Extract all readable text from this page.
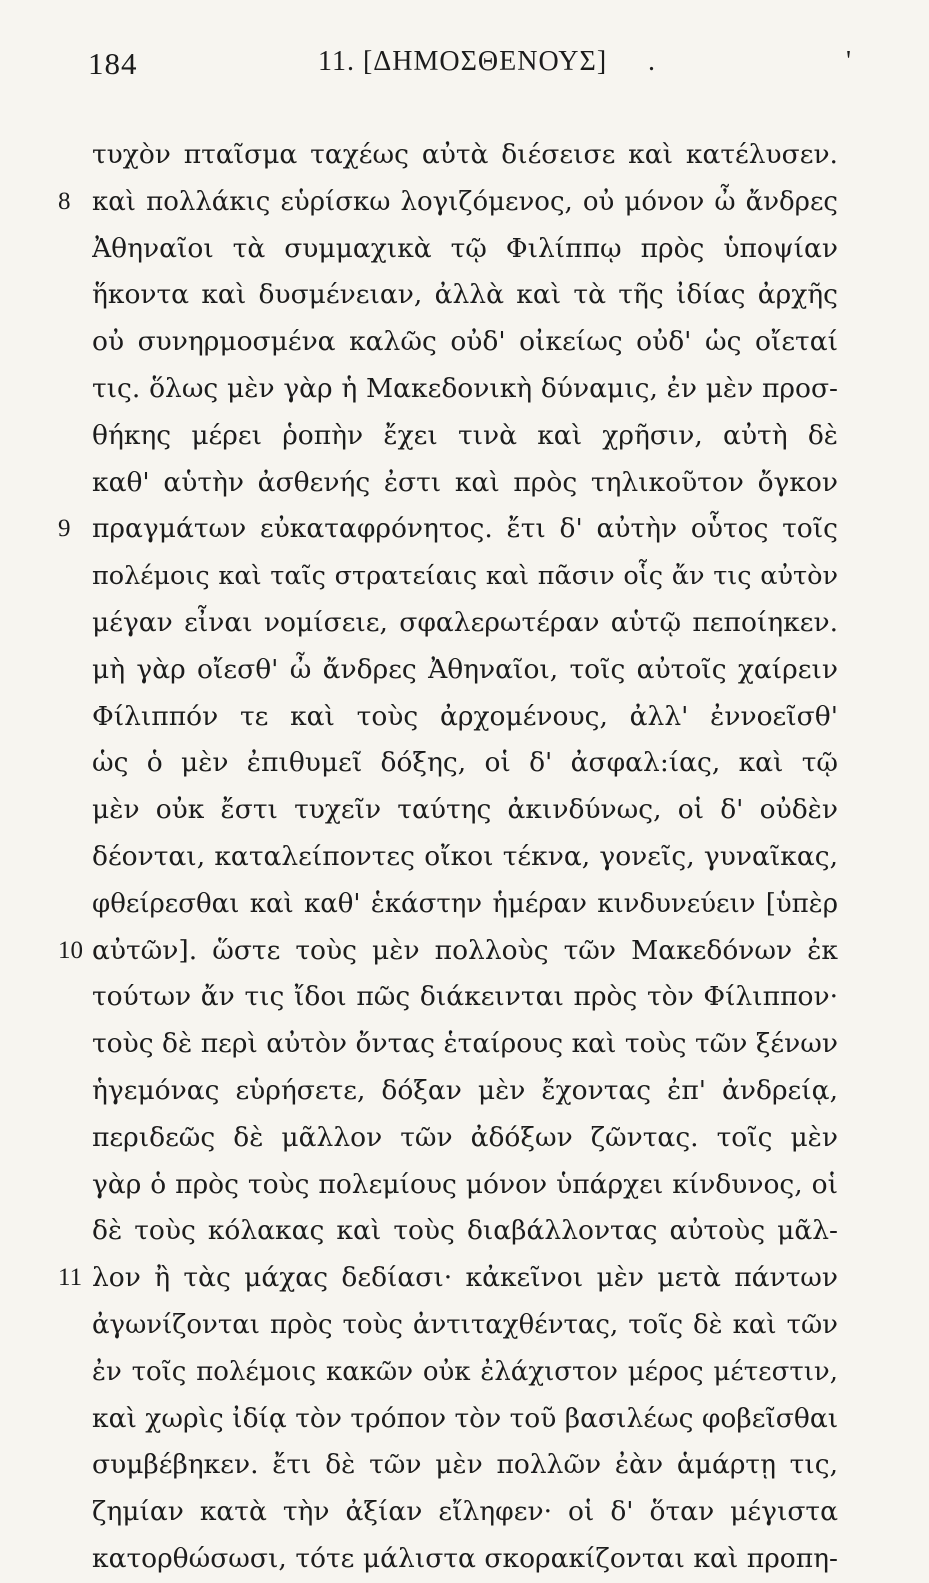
184	11. [ΔΗΜΟΣΘΕΝΟΥΣ] .	'
τυχὸν πταῖσμα ταχέως αὐτὰ διέσεισε καὶ κατέλυσεν.
8 καὶ πολλάκις εὑρίσκω λογιζόμενος, οὐ μόνον ὦ ἄνδρες
Ἀθηναῖοι τὰ συμμαχικὰ τῷ Φιλίππῳ πρὸς ὑποψίαν
ἥκοντα καὶ δυσμένειαν, ἀλλὰ καὶ τὰ τῆς ἰδίας ἀρχῆς
οὐ συνηρμοσμένα καλῶς οὐδ' οἰκείως οὐδ' ὡς οἴεταί
τις. ὅλως μὲν γὰρ ἡ Μακεδονικὴ δύναμις, ἐν μὲν προσ-
θήκης μέρει ῥοπὴν ἔχει τινὰ καὶ χρῆσιν, αὐτὴ δὲ
καθ' αὑτὴν ἀσθενής ἐστι καὶ πρὸς τηλικοῦτον ὄγκον
9 πραγμάτων εὐκαταφρόνητος. ἔτι δ' αὐτὴν οὗτος τοῖς
πολέμοις καὶ ταῖς στρατείαις καὶ πᾶσιν οἷς ἄν τις αὐτὸν
μέγαν εἶναι νομίσειε, σφαλερωτέραν αὑτῷ πεποίηκεν.
μὴ γὰρ οἴεσθ' ὦ ἄνδρες Ἀθηναῖοι, τοῖς αὐτοῖς χαίρειν
Φίλιππόν τε καὶ τοὺς ἀρχομένους, ἀλλ' ἐννοεῖσθ'
ὡς ὁ μὲν ἐπιθυμεῖ δόξης, οἱ δ' ἀσφαλ:ίας, καὶ τῷ
μὲν οὐκ ἔστι τυχεῖν ταύτης ἀκινδύνως, οἱ δ' οὐδὲν
δέονται, καταλείποντες οἴκοι τέκνα, γονεῖς, γυναῖκας,
φθείρεσθαι καὶ καθ' ἑκάστην ἡμέραν κινδυνεύειν [ὑπὲρ
10 αὐτῶν]. ὥστε τοὺς μὲν πολλοὺς τῶν Μακεδόνων ἐκ
τούτων ἄν τις ἴδοι πῶς διάκεινται πρὸς τὸν Φίλιππον·
τοὺς δὲ περὶ αὐτὸν ὄντας ἑταίρους καὶ τοὺς τῶν ξένων
ἡγεμόνας εὑρήσετε, δόξαν μὲν ἔχοντας ἐπ' ἀνδρείᾳ,
περιδεῶς δὲ μᾶλλον τῶν ἀδόξων ζῶντας. τοῖς μὲν
γὰρ ὁ πρὸς τοὺς πολεμίους μόνον ὑπάρχει κίνδυνος, οἱ
δὲ τοὺς κόλακας καὶ τοὺς διαβάλλοντας αὐτοὺς μᾶλ-
11 λον ἢ τὰς μάχας δεδίασι· κἀκεῖνοι μὲν μετὰ πάντων
ἀγωνίζονται πρὸς τοὺς ἀντιταχθέντας, τοῖς δὲ καὶ τῶν
ἐν τοῖς πολέμοις κακῶν οὐκ ἐλάχιστον μέρος μέτεστιν,
καὶ χωρὶς ἰδίᾳ τὸν τρόπον τὸν τοῦ βασιλέως φοβεῖσθαι
συμβέβηκεν. ἔτι δὲ τῶν μὲν πολλῶν ἐὰν ἁμάρτῃ τις,
ζημίαν κατὰ τὴν ἀξίαν εἴληφεν· οἱ δ' ὅταν μέγιστα
κατορθώσωσι, τότε μάλιστα σκορακίζονται καὶ προπη-
